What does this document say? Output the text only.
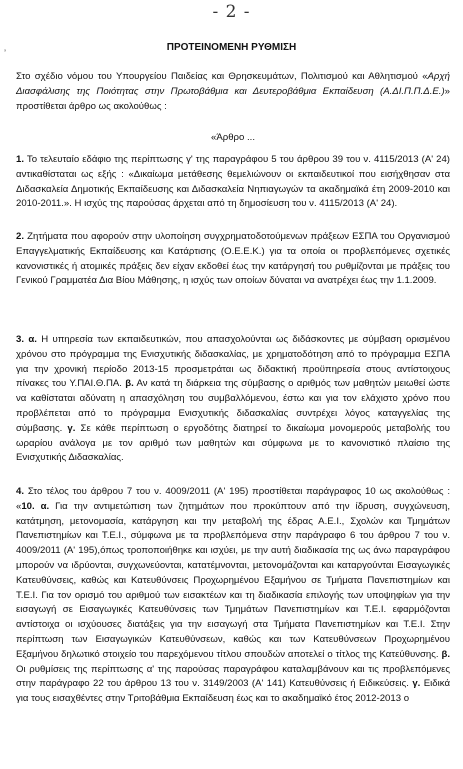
- 2 -
’	ΠΡΟΤΕΙΝΟΜΕΝΗ ΡΥΘΜΙΣΗ
Στο σχέδιο νόμου του Υπουργείου Παιδείας και Θρησκευμάτων, Πολιτισμού και Αθλητισμού «Αρχή Διασφάλισης της Ποιότητας στην Πρωτοβάθμια και Δευτεροβάθμια Εκπαίδευση (Α.ΔΙ.Π.Π.Δ.Ε.)» προστίθεται άρθρο ως ακολούθως :
«Άρθρο ...
1. Το τελευταίο εδάφιο της περίπτωσης γ' της παραγράφου 5 του άρθρου 39 του ν. 4115/2013 (Α' 24) αντικαθίσταται ως εξής : «Δικαίωμα μετάθεσης θεμελιώνουν οι εκπαιδευτικοί που εισήχθησαν στα Διδασκαλεία Δημοτικής Εκπαίδευσης και Διδασκαλεία Νηπιαγωγών τα ακαδημαϊκά έτη 2009-2010 και 2010-2011.». Η ισχύς της παρούσας άρχεται από τη δημοσίευση του ν. 4115/2013 (Α' 24).
2. Ζητήματα που αφορούν στην υλοποίηση συγχρηματοδοτούμενων πράξεων ΕΣΠΑ του Οργανισμού Επαγγελματικής Εκπαίδευσης και Κατάρτισης (Ο.Ε.Ε.Κ.) για τα οποία οι προβλεπόμενες σχετικές κανονιστικές ή ατομικές πράξεις δεν είχαν εκδοθεί έως την κατάργησή του ρυθμίζονται με πράξεις του Γενικού Γραμματέα Δια Βίου Μάθησης, η ισχύς των οποίων δύναται να ανατρέχει έως την 1.1.2009.
3. α. Η υπηρεσία των εκπαιδευτικών, που απασχολούνται ως διδάσκοντες με σύμβαση ορισμένου χρόνου στο πρόγραμμα της Ενισχυτικής διδασκαλίας, με χρηματοδότηση από το πρόγραμμα ΕΣΠΑ για την χρονική περίοδο 2013-15 προσμετράται ως διδακτική προϋπηρεσία στους αντίστοιχους πίνακες του Υ.ΠΑΙ.Θ.ΠΑ. β. Αν κατά τη διάρκεια της σύμβασης ο αριθμός των μαθητών μειωθεί ώστε να καθίσταται αδύνατη η απασχόληση του συμβαλλόμενου, έστω και για τον ελάχιστο χρόνο που προβλέπεται από το πρόγραμμα Ενισχυτικής διδασκαλίας συντρέχει λόγος καταγγελίας της σύμβασης. γ. Σε κάθε περίπτωση ο εργοδότης διατηρεί το δικαίωμα μονομερούς μεταβολής του ωραρίου ανάλογα με τον αριθμό των μαθητών και σύμφωνα με το κανονιστικό πλαίσιο της Ενισχυτικής Διδασκαλίας.
4. Στο τέλος του άρθρου 7 του ν. 4009/2011 (Α' 195) προστίθεται παράγραφος 10 ως ακολούθως : «10. α. Για την αντιμετώπιση των ζητημάτων που προκύπτουν από την ίδρυση, συγχώνευση, κατάτμηση, μετονομασία, κατάργηση και την μεταβολή της έδρας Α.Ε.Ι., Σχολών και Τμημάτων Πανεπιστημίων και Τ.Ε.Ι., σύμφωνα με τα προβλεπόμενα στην παράγραφο 6 του άρθρου 7 του ν. 4009/2011 (Α' 195),όπως τροποποιήθηκε και ισχύει, με την αυτή διαδικασία της ως άνω παραγράφου μπορούν να ιδρύονται, συγχωνεύονται, κατατέμνονται, μετονομάζονται και καταργούνται Εισαγωγικές Κατευθύνσεις, καθώς και Κατευθύνσεις Προχωρημένου Εξαμήνου σε Τμήματα Πανεπιστημίων και Τ.Ε.Ι. Για τον ορισμό του αριθμού των εισακτέων και τη διαδικασία επιλογής των υποψηφίων για την εισαγωγή σε Εισαγωγικές Κατευθύνσεις των Τμημάτων Πανεπιστημίων και Τ.Ε.Ι. εφαρμόζονται αντίστοιχα οι ισχύουσες διατάξεις για την εισαγωγή στα Τμήματα Πανεπιστημίων και Τ.Ε.Ι. Στην περίπτωση των Εισαγωγικών Κατευθύνσεων, καθώς και των Κατευθύνσεων Προχωρημένου Εξαμήνου δηλωτικό στοιχείο του παρεχόμενου τίτλου σπουδών αποτελεί ο τίτλος της Κατεύθυνσης. β. Οι ρυθμίσεις της περίπτωσης α' της παρούσας παραγράφου καταλαμβάνουν και τις προβλεπόμενες στην παράγραφο 22 του άρθρου 13 του ν. 3149/2003 (Α' 141) Κατευθύνσεις ή Ειδικεύσεις. γ. Ειδικά για τους εισαχθέντες στην Τριτοβάθμια Εκπαίδευση έως και το ακαδημαϊκό έτος 2012-2013 ο
